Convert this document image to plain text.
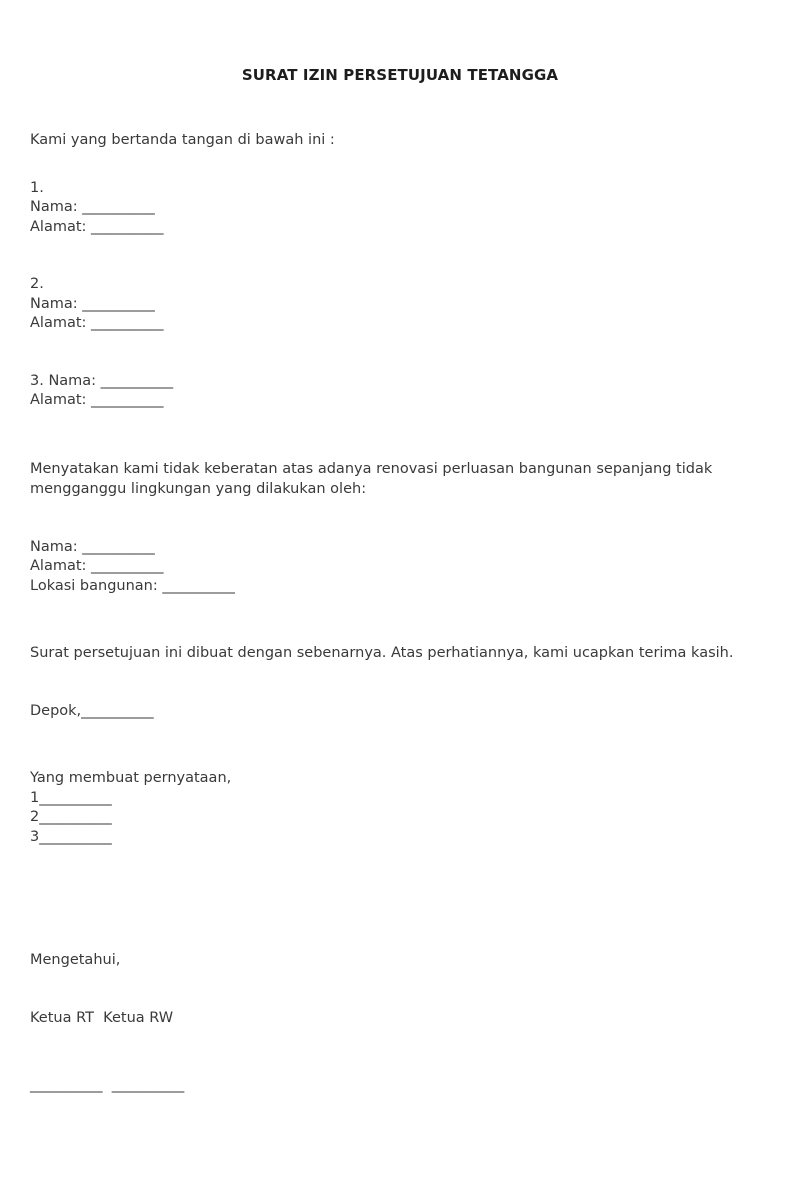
SURAT IZIN PERSETUJUAN TETANGGA
Kami yang bertanda tangan di bawah ini :
1.
Nama: __________
Alamat: __________
2.
Nama: __________
Alamat: __________
3. Nama: __________
Alamat: __________
Menyatakan kami tidak keberatan atas adanya renovasi perluasan bangunan sepanjang tidak mengganggu lingkungan yang dilakukan oleh:
Nama: __________
Alamat: __________
Lokasi bangunan: __________
Surat persetujuan ini dibuat dengan sebenarnya. Atas perhatiannya, kami ucapkan terima kasih.
Depok,__________
Yang membuat pernyataan,
1__________
2__________
3__________
Mengetahui,
Ketua RT  Ketua RW
__________  __________
